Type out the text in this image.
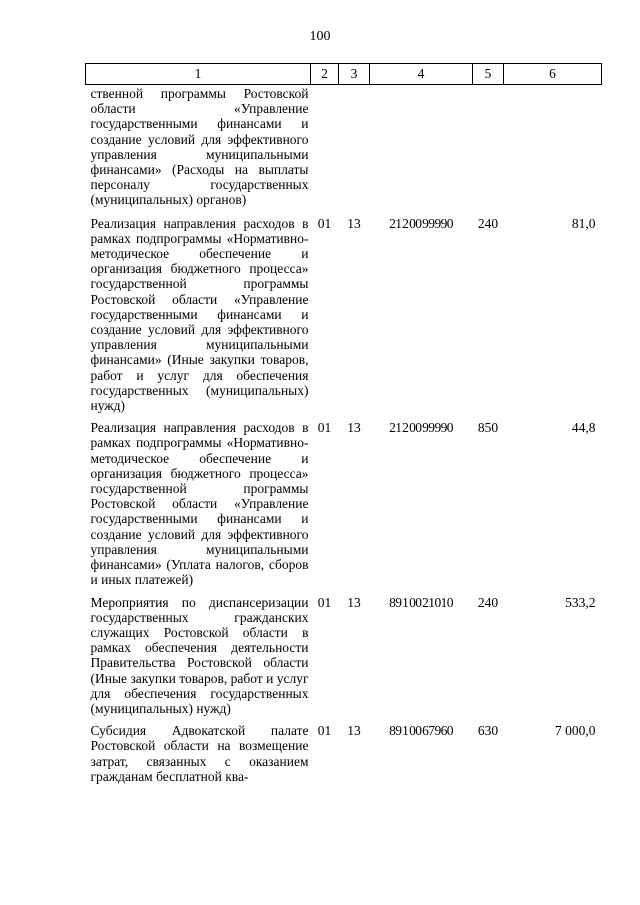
100
1	2	3	4	5	6
ственной программы Ростовской области «Управление государственными финансами и создание условий для эффективного управления муниципальными финансами» (Расходы на выплаты персоналу государственных (муниципальных) органов)					
Реализация направления расходов в рамках подпрограммы «Нормативно-методическое обеспечение и организация бюджетного процесса» государственной программы Ростовской области «Управление государственными финансами и создание условий для эффективного управления муниципальными финансами» (Иные закупки товаров, работ и услуг для обеспечения государственных (муниципальных) нужд)	01	13	21 2 00 99990	240	81,0
Реализация направления расходов в рамках подпрограммы «Нормативно-методическое обеспечение и организация бюджетного процесса» государственной программы Ростовской области «Управление государственными финансами и создание условий для эффективного управления муниципальными финансами» (Уплата налогов, сборов и иных платежей)	01	13	21 2 00 99990	850	44,8
Мероприятия по диспансеризации государственных гражданских служащих Ростовской области в рамках обеспечения деятельности Правительства Ростовской области (Иные закупки товаров, работ и услуг для обеспечения государственных (муниципальных) нужд)	01	13	89 1 00 21010	240	533,2
Субсидия Адвокатской палате Ростовской области на возмещение затрат, связанных с оказанием гражданам бесплатной ква-	01	13	89 1 00 67960	630	7 000,0
